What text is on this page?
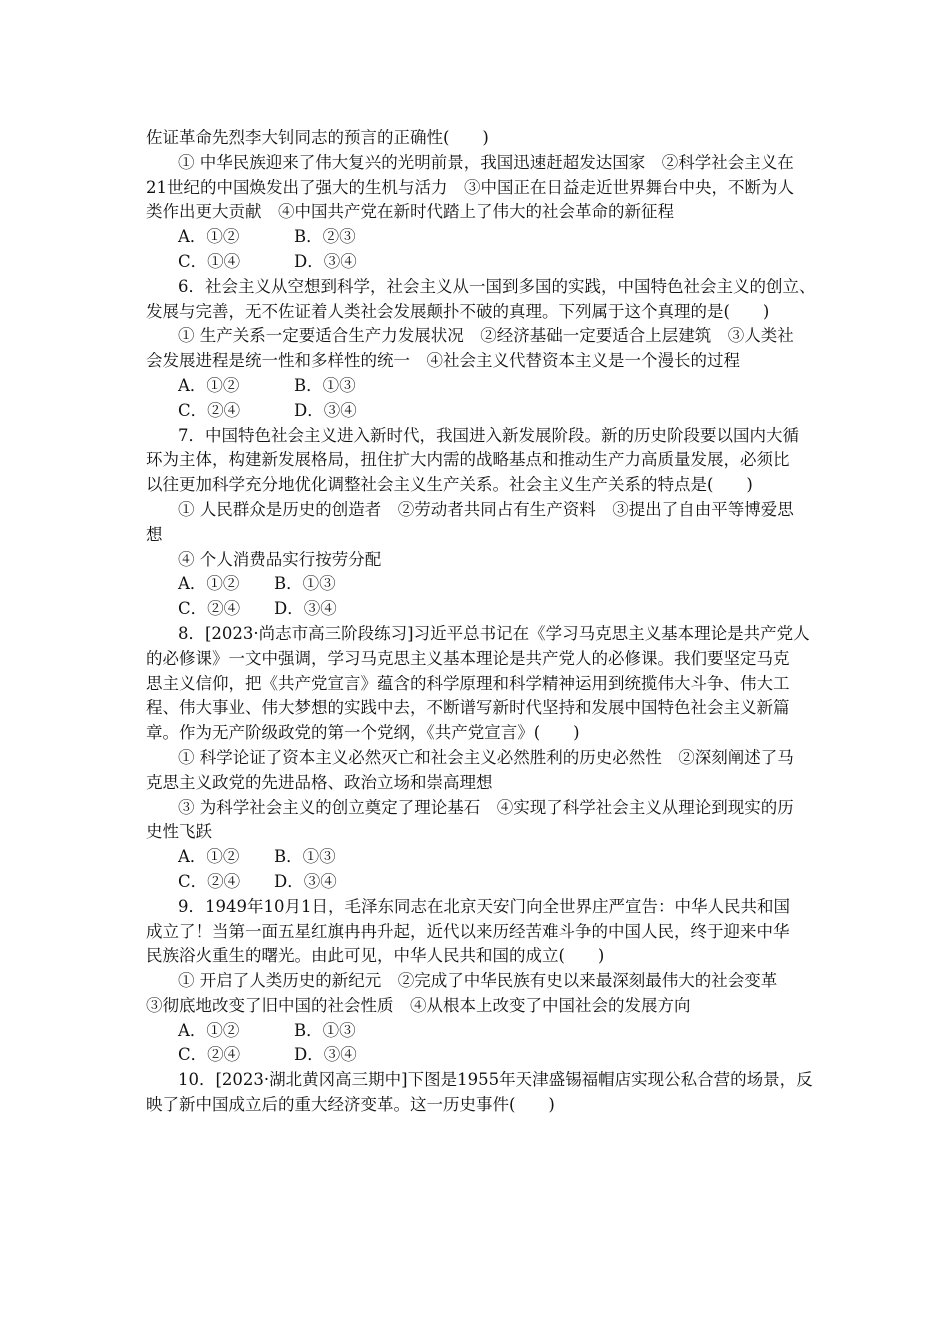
佐证革命先烈李大钊同志的预言的正确性(　　)
① 中华民族迎来了伟大复兴的光明前景，我国迅速赶超发达国家　②科学社会主义在
21世纪的中国焕发出了强大的生机与活力　③中国正在日益走近世界舞台中央，不断为人
类作出更大贡献　④中国共产党在新时代踏上了伟大的社会革命的新征程
A．①②	B．②③
C．①④	D．③④
6．社会主义从空想到科学，社会主义从一国到多国的实践，中国特色社会主义的创立、
发展与完善，无不佐证着人类社会发展颠扑不破的真理。下列属于这个真理的是(　　)
① 生产关系一定要适合生产力发展状况　②经济基础一定要适合上层建筑　③人类社
会发展进程是统一性和多样性的统一　④社会主义代替资本主义是一个漫长的过程
A．①②	B．①③
C．②④	D．③④
7．中国特色社会主义进入新时代，我国进入新发展阶段。新的历史阶段要以国内大循
环为主体，构建新发展格局，扭住扩大内需的战略基点和推动生产力高质量发展，必须比
以往更加科学充分地优化调整社会主义生产关系。社会主义生产关系的特点是(　　)
① 人民群众是历史的创造者　②劳动者共同占有生产资料　③提出了自由平等博爱思
想
④ 个人消费品实行按劳分配
A．①② B．①③
C．②④ D．③④
8．[2023·尚志市高三阶段练习]习近平总书记在《学习马克思主义基本理论是共产党人
的必修课》一文中强调，学习马克思主义基本理论是共产党人的必修课。我们要坚定马克
思主义信仰，把《共产党宣言》蕴含的科学原理和科学精神运用到统揽伟大斗争、伟大工
程、伟大事业、伟大梦想的实践中去，不断谱写新时代坚持和发展中国特色社会主义新篇
章。作为无产阶级政党的第一个党纲，《共产党宣言》(　　)
① 科学论证了资本主义必然灭亡和社会主义必然胜利的历史必然性　②深刻阐述了马
克思主义政党的先进品格、政治立场和崇高理想
③ 为科学社会主义的创立奠定了理论基石　④实现了科学社会主义从理论到现实的历
史性飞跃
A．①② B．①③
C．②④ D．③④
9．1949年10月1日，毛泽东同志在北京天安门向全世界庄严宣告：中华人民共和国
成立了！当第一面五星红旗冉冉升起，近代以来历经苦难斗争的中国人民，终于迎来中华
民族浴火重生的曙光。由此可见，中华人民共和国的成立(　　)
① 开启了人类历史的新纪元　②完成了中华民族有史以来最深刻最伟大的社会变革
③彻底地改变了旧中国的社会性质　④从根本上改变了中国社会的发展方向
A．①②	B．①③
C．②④	D．③④
10．[2023·湖北黄冈高三期中]下图是1955年天津盛锡福帽店实现公私合营的场景，反
映了新中国成立后的重大经济变革。这一历史事件(　　)
